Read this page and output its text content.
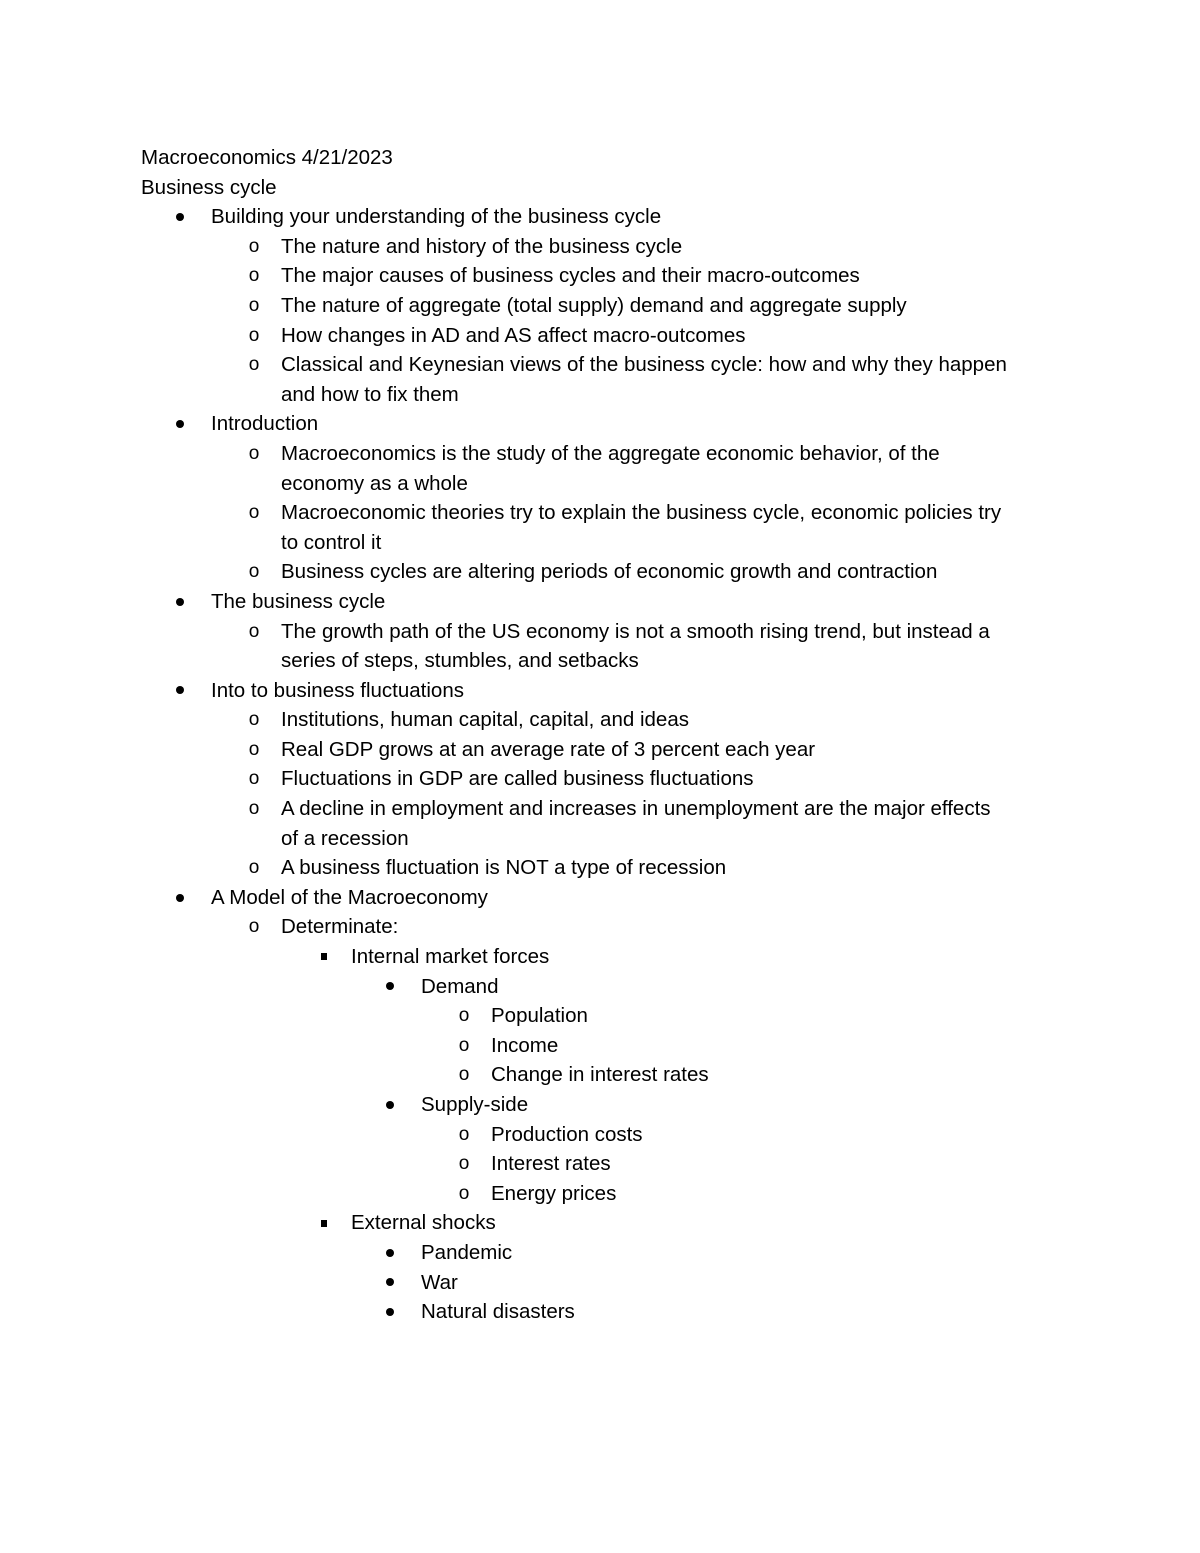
Macroeconomics 4/21/2023

Business cycle

Building your understanding of the business cycle
o The nature and history of the business cycle
o The major causes of business cycles and their macro-outcomes
o The nature of aggregate (total supply) demand and aggregate supply
o How changes in AD and AS affect macro-outcomes
o Classical and Keynesian views of the business cycle: how and why they happen
and how to fix them
Introduction
o Macroeconomics is the study of the aggregate economic behavior, of the
economy as a whole
o Macroeconomic theories try to explain the business cycle, economic policies try
to control it
o Business cycles are altering periods of economic growth and contraction
The business cycle
o The growth path of the US economy is not a smooth rising trend, but instead a
series of steps, stumbles, and setbacks
Into to business fluctuations
o Institutions, human capital, capital, and ideas
o Real GDP grows at an average rate of 3 percent each year
o Fluctuations in GDP are called business fluctuations
o A decline in employment and increases in unemployment are the major effects
of a recession
o A business fluctuation is NOT a type of recession
A Model of the Macroeconomy
o Determinate:
Internal market forces
Demand
o Population
o Income
o Change in interest rates
Supply-side
o Production costs
o Interest rates
o Energy prices
External shocks
Pandemic
War
Natural disasters
